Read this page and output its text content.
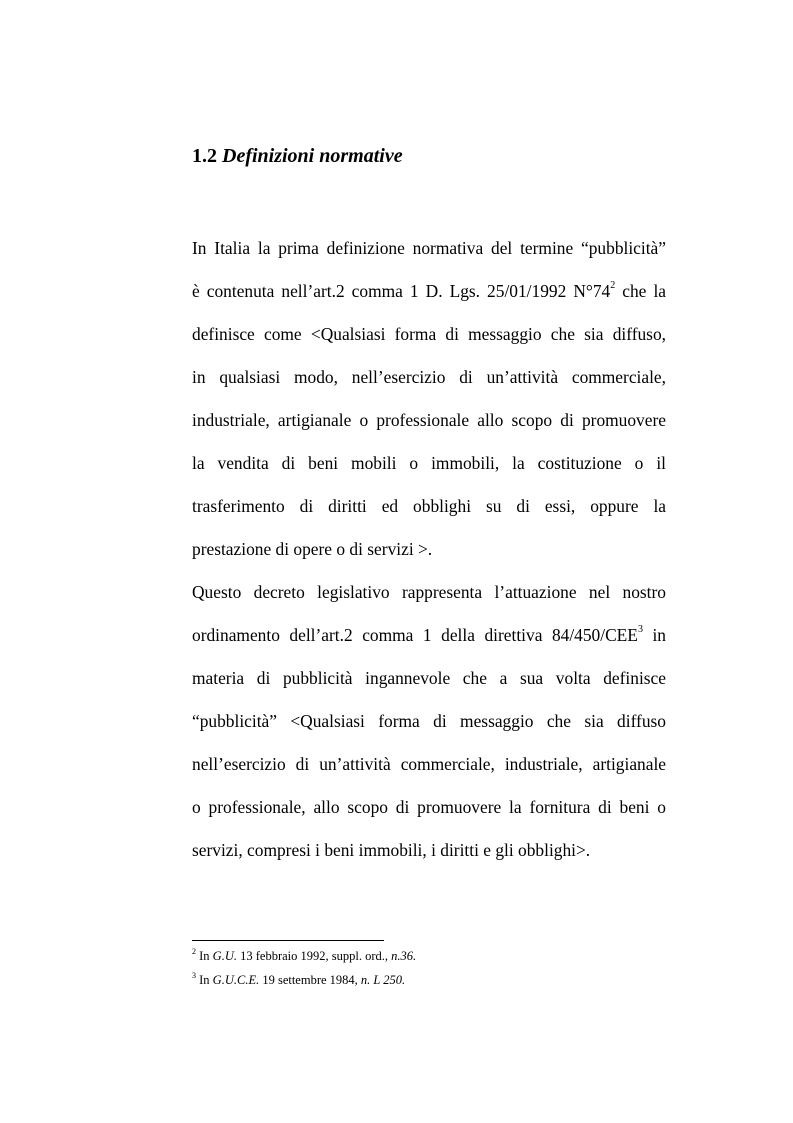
1.2 Definizioni normative
In Italia la prima definizione normativa del termine “pubblicità”
è contenuta nell’art.2 comma 1 D. Lgs. 25/01/1992 $N^\circ 74^2$ che la
definisce come <Qualsiasi forma di messaggio che sia diffuso,
in qualsiasi modo, nell’esercizio di un’attività commerciale,
industriale, artigianale o professionale allo scopo di promuovere
la vendita di beni mobili o immobili, la costituzione o il
trasferimento di diritti ed obblighi su di essi, oppure la
prestazione di opere o di servizi >.
Questo decreto legislativo rappresenta l’attuazione nel nostro
ordinamento dell’art.2 comma 1 della direttiva 84/450/CEE$^3$ in
materia di pubblicità ingannevole che a sua volta definisce
“pubblicità” <Qualsiasi forma di messaggio che sia diffuso
nell’esercizio di un’attività commerciale, industriale, artigianale
o professionale, allo scopo di promuovere la fornitura di beni o
servizi, compresi i beni immobili, i diritti e gli obblighi>.
$^2$ In G.U. 13 febbraio 1992, suppl. ord., n.36.
$^3$ In G.U.C.E. 19 settembre 1984, n. L 250.
